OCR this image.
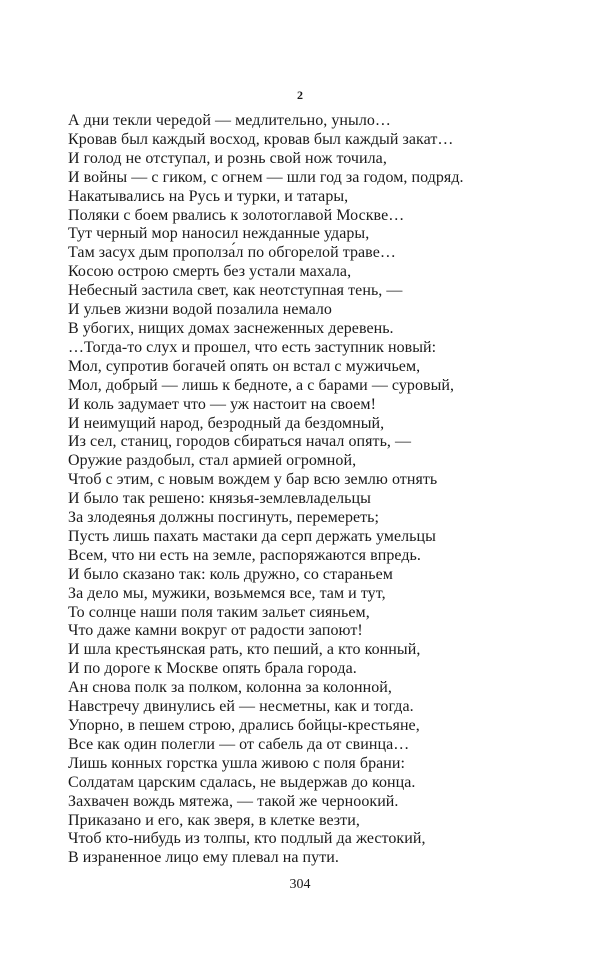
2
А дни текли чередой — медлительно, уныло…
Кровав был каждый восход, кровав был каждый закат…
И голод не отступал, и рознь свой нож точила,
И войны — с гиком, с огнем — шли год за годом, подряд.
Накатывались на Русь и турки, и татары,
Поляки с боем рвались к золотоглавой Москве…
Тут черный мор наносил нежданные удары,
Там засух дым прополза́л по обгорелой траве…
Косою острою смерть без устали махала,
Небесный застила свет, как неотступная тень, —
И ульев жизни водой позалила немало
В убогих, нищих домах заснеженных деревень.
…Тогда-то слух и прошел, что есть заступник новый:
Мол, супротив богачей опять он встал с мужичьем,
Мол, добрый — лишь к бедноте, а с барами — суровый,
И коль задумает что — уж настоит на своем!
И неимущий народ, безродный да бездомный,
Из сел, станиц, городов сбираться начал опять, —
Оружие раздобыл, стал армией огромной,
Чтоб с этим, с новым вождем у бар всю землю отнять
И было так решено: князья-землевладельцы
За злодеянья должны посгинуть, перемереть;
Пусть лишь пахать мастаки да серп держать умельцы
Всем, что ни есть на земле, распоряжаются впредь.
И было сказано так: коль дружно, со стараньем
За дело мы, мужики, возьмемся все, там и тут,
То солнце наши поля таким зальет сияньем,
Что даже камни вокруг от радости запоют!
И шла крестьянская рать, кто пеший, а кто конный,
И по дороге к Москве опять брала города.
Ан снова полк за полком, колонна за колонной,
Навстречу двинулись ей — несметны, как и тогда.
Упорно, в пешем строю, дрались бойцы-крестьяне,
Все как один полегли — от сабель да от свинца…
Лишь конных горстка ушла живою с поля брани:
Солдатам царским сдалась, не выдержав до конца.
Захвачен вождь мятежа, — такой же черноокий.
Приказано и его, как зверя, в клетке везти,
Чтоб кто-нибудь из толпы, кто подлый да жестокий,
В израненное лицо ему плевал на пути.
304
